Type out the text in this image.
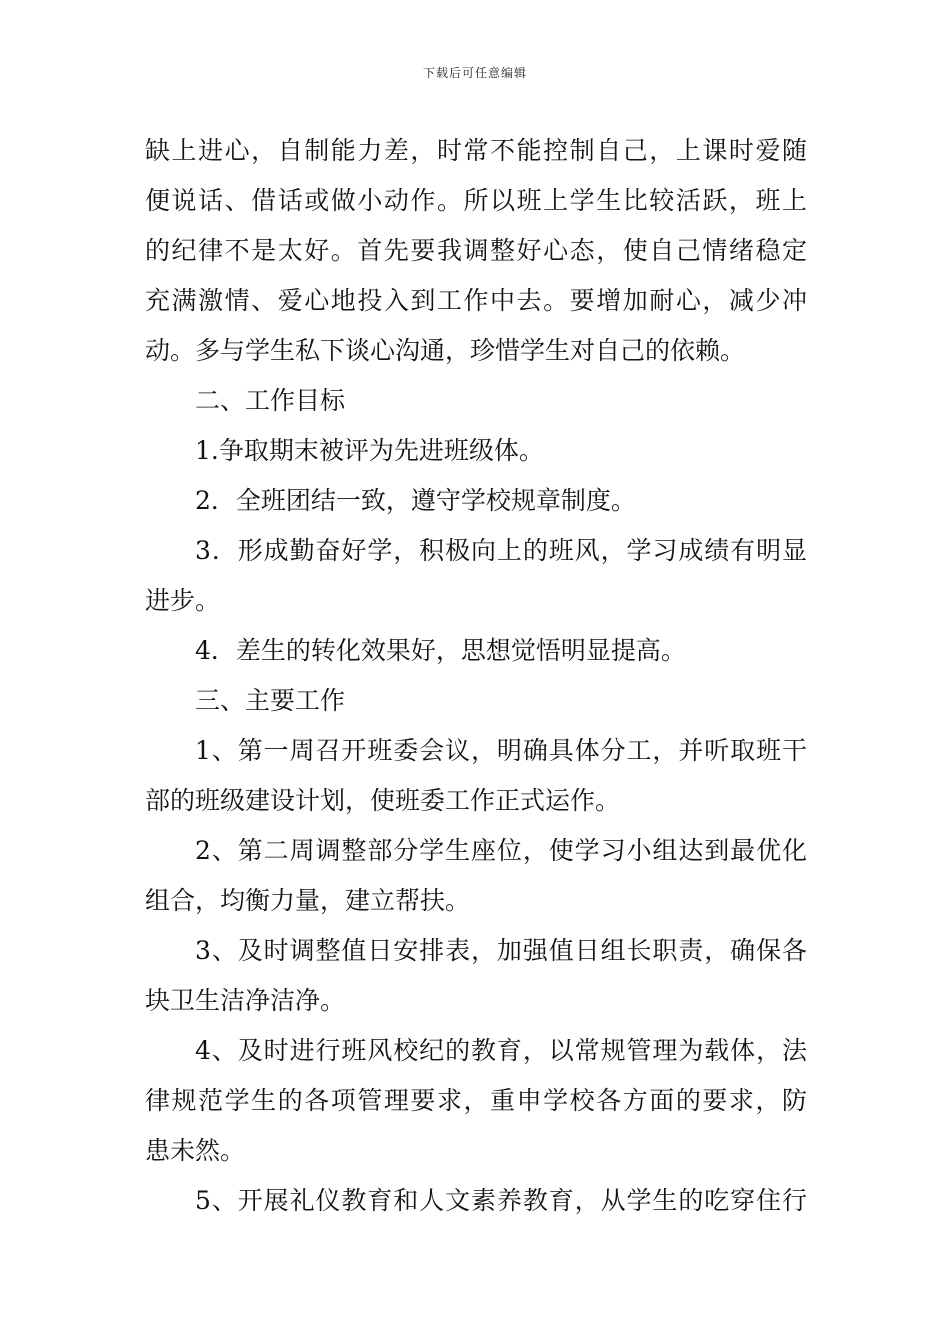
下载后可任意编辑
缺上进心，自制能力差，时常不能控制自己，上课时爱随
便说话、借话或做小动作。所以班上学生比较活跃，班上
的纪律不是太好。首先要我调整好心态，使自己情绪稳定
充满激情、爱心地投入到工作中去。要增加耐心，减少冲
动。多与学生私下谈心沟通，珍惜学生对自己的依赖。
二、工作目标
1.争取期末被评为先进班级体。
2．全班团结一致，遵守学校规章制度。
3．形成勤奋好学，积极向上的班风，学习成绩有明显
进步。
4．差生的转化效果好，思想觉悟明显提高。
三、主要工作
1、第一周召开班委会议，明确具体分工，并听取班干
部的班级建设计划，使班委工作正式运作。
2、第二周调整部分学生座位，使学习小组达到最优化
组合，均衡力量，建立帮扶。
3、及时调整值日安排表，加强值日组长职责，确保各
块卫生洁净洁净。
4、及时进行班风校纪的教育，以常规管理为载体，法
律规范学生的各项管理要求，重申学校各方面的要求，防
患未然。
5、开展礼仪教育和人文素养教育，从学生的吃穿住行
